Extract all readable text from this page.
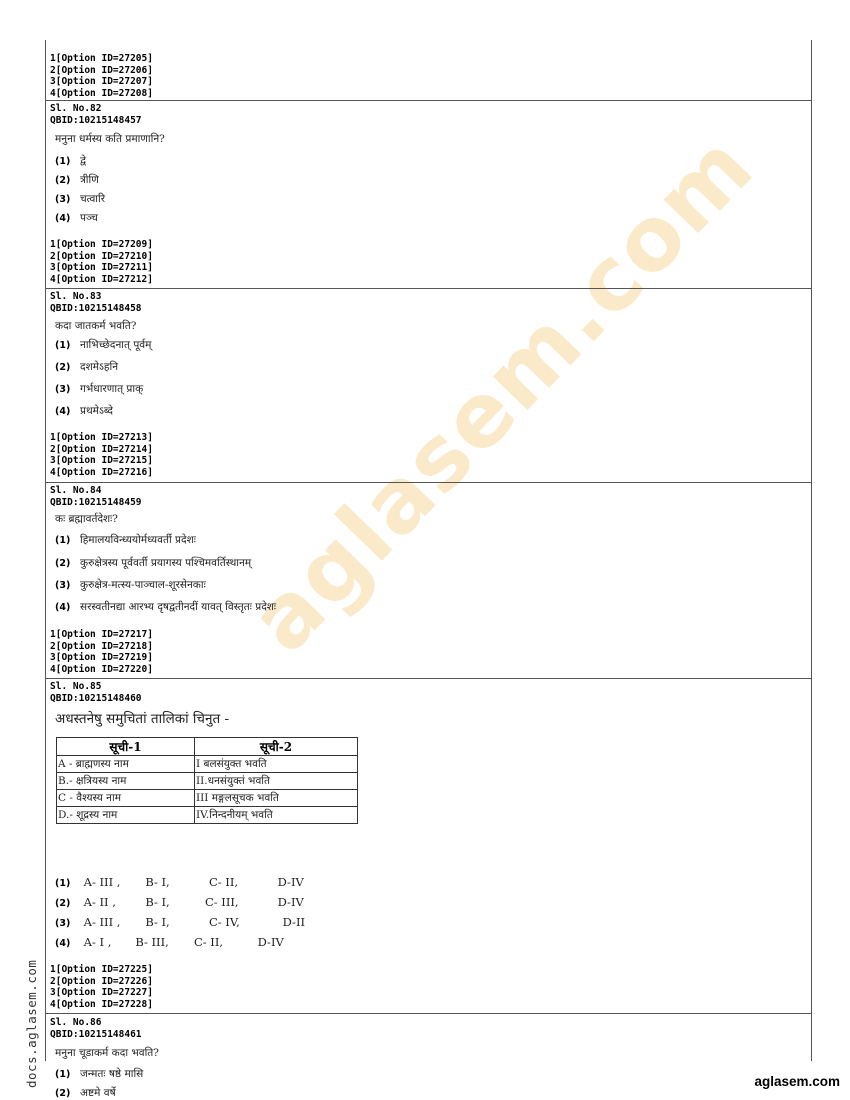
aglasem.com
1[Option ID=27205]
2[Option ID=27206]
3[Option ID=27207]
4[Option ID=27208]
Sl. No.82
QBID:10215148457
मनुना धर्मस्य कति प्रमाणानि?
(1) द्वे
(2) त्रीणि
(3) चत्वारि
(4) पञ्च
1[Option ID=27209]
2[Option ID=27210]
3[Option ID=27211]
4[Option ID=27212]
Sl. No.83
QBID:10215148458
कदा जातकर्म भवति?
(1) नाभिच्छेदनात् पूर्वम्
(2) दशमेऽहनि
(3) गर्भधारणात् प्राक्
(4) प्रथमेऽब्दे
1[Option ID=27213]
2[Option ID=27214]
3[Option ID=27215]
4[Option ID=27216]
Sl. No.84
QBID:10215148459
कः ब्रह्मावर्तदेशः?
(1) हिमालयविन्ध्ययोर्मध्यवर्ती प्रदेशः
(2) कुरुक्षेत्रस्य पूर्ववर्ती प्रयागस्य पश्चिमवर्तिस्थानम्
(3) कुरुक्षेत्र-मत्स्य-पाञ्चाल-शूरसेनकाः
(4) सरस्वतीनद्या आरभ्य दृषद्वतीनदीं यावत् विस्तृतः प्रदेशः
1[Option ID=27217]
2[Option ID=27218]
3[Option ID=27219]
4[Option ID=27220]
Sl. No.85
QBID:10215148460
अधस्तनेषु समुचितां तालिकां चिनुत -
सूची-1	सूची-2
A - ब्राह्मणस्य नाम	I बलसंयुक्त भवति
B.- क्षत्रियस्य नाम	II.धनसंयुक्तं भवति
C - वैश्यस्य नाम	III मङ्गलसूचक भवति
D.- शूद्रस्य नाम	IV.निन्दनीयम् भवति
(1) A- III , B- I,	C- II,	D-IV
(2) A- II ,	B- I,	C- III,	D-IV
(3) A- III , B- I,	C- IV,	D-II
(4) A- I , B- III, C- II,	D-IV
1[Option ID=27225]
2[Option ID=27226]
3[Option ID=27227]
4[Option ID=27228]
Sl. No.86
QBID:10215148461
मनुना चूडाकर्म कदा भवति?
(1) जन्मतः षष्ठे मासि
(2) अष्टमे वर्षे
docs.aglasem.com	aglasem.com
